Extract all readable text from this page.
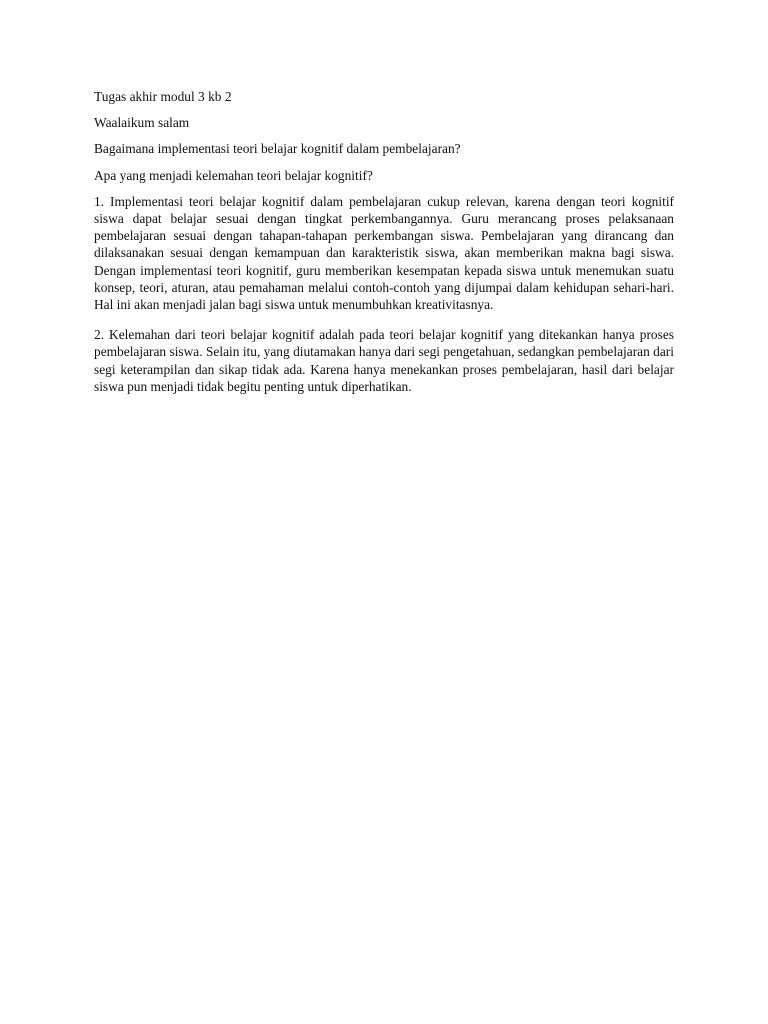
Tugas akhir modul 3 kb 2

Waalaikum salam

Bagaimana implementasi teori belajar kognitif dalam pembelajaran?

Apa yang menjadi kelemahan teori belajar kognitif?

1. Implementasi teori belajar kognitif dalam pembelajaran cukup relevan, karena dengan teori kognitif siswa dapat belajar sesuai dengan tingkat perkembangannya. Guru merancang proses pelaksanaan pembelajaran sesuai dengan tahapan-tahapan perkembangan siswa. Pembelajaran yang dirancang dan dilaksanakan sesuai dengan kemampuan dan karakteristik siswa, akan memberikan makna bagi siswa. Dengan implementasi teori kognitif, guru memberikan kesempatan kepada siswa untuk menemukan suatu konsep, teori, aturan, atau pemahaman melalui contoh-contoh yang dijumpai dalam kehidupan sehari-hari. Hal ini akan menjadi jalan bagi siswa untuk menumbuhkan kreativitasnya.

2. Kelemahan dari teori belajar kognitif adalah pada teori belajar kognitif yang ditekankan hanya proses pembelajaran siswa. Selain itu, yang diutamakan hanya dari segi pengetahuan, sedangkan pembelajaran dari segi keterampilan dan sikap tidak ada. Karena hanya menekankan proses pembelajaran, hasil dari belajar siswa pun menjadi tidak begitu penting untuk diperhatikan.
